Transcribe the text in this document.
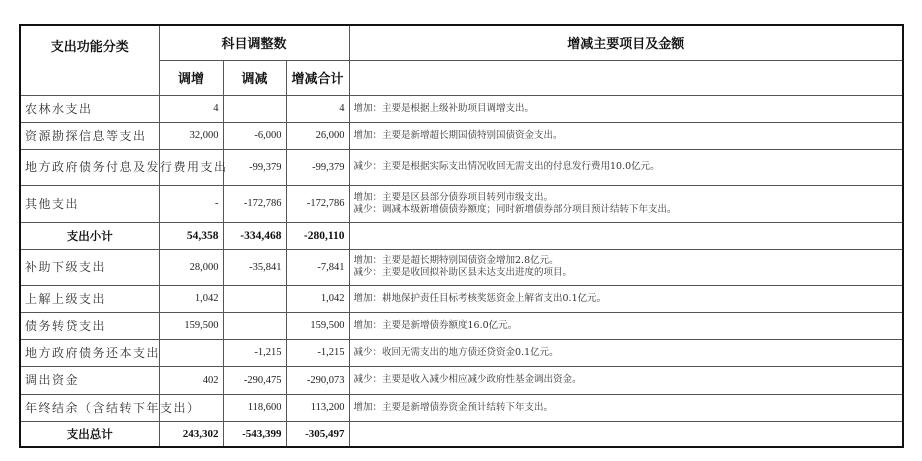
支出功能分类	科目调整数			增减主要项目及金额
	调增	调减	增减合计	
农林水支出	4		4	增加：主要是根据上级补助项目调增支出。

资源勘探信息等支出	32,000	-6,000	26,000	增加：主要是新增超长期国债特别国债资金支出。

地方政府债务付息及发行费用支出		-99,379	-99,379	减少：主要是根据实际支出情况收回无需支出的付息发行费用10.0亿元。

其他支出	-	-172,786	-172,786	增加：主要是区县部分债券项目转列市级支出。
减少：调减本级新增债债券额度；同时新增债券部分项目预计结转下年支出。

支出小计	54,358	-334,468	-280,110	
补助下级支出	28,000	-35,841	-7,841	增加：主要是超长期特别国债资金增加2.8亿元。
减少：主要是收回拟补助区县未达支出进度的项目。

上解上级支出	1,042		1,042	增加：耕地保护责任目标考核奖惩资金上解省支出0.1亿元。

债务转贷支出	159,500		159,500	增加：主要是新增债券额度16.0亿元。

地方政府债务还本支出		-1,215	-1,215	减少：收回无需支出的地方债还贷资金0.1亿元。

调出资金	402	-290,475	-290,073	减少：主要是收入减少相应减少政府性基金调出资金。

年终结余（含结转下年支出）		118,600	113,200	增加：主要是新增债券资金预计结转下年支出。

支出总计	243,302	-543,399	-305,497	
